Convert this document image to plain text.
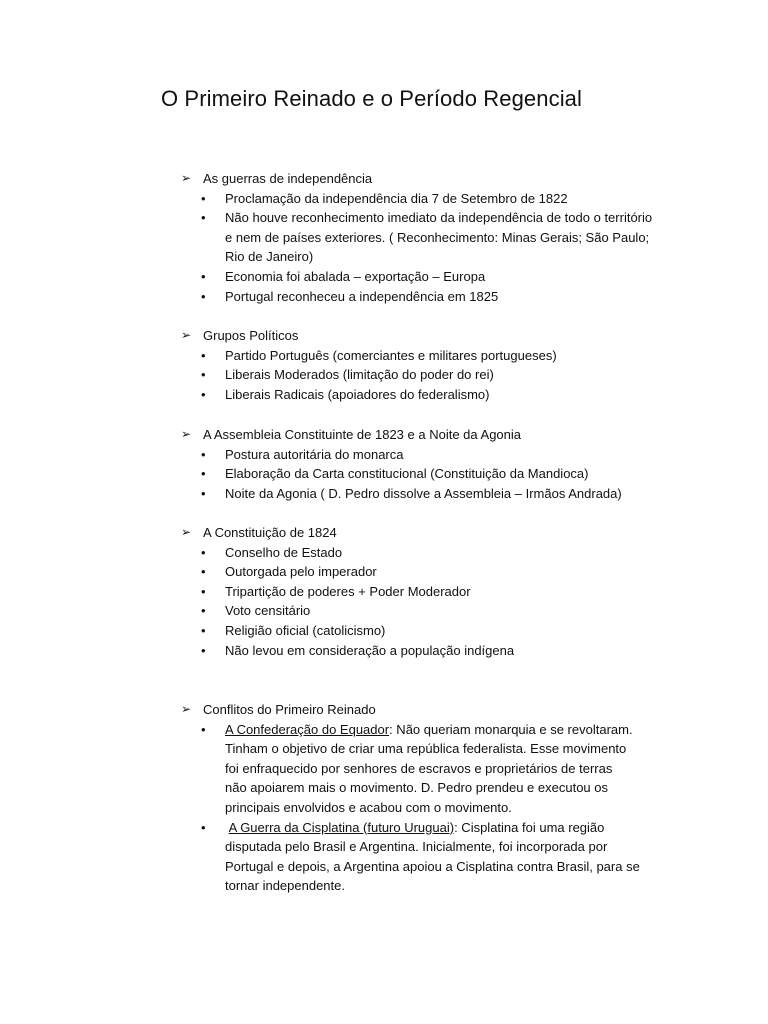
O Primeiro Reinado e o Período Regencial
➢ As guerras de independência
• Proclamação da independência dia 7 de Setembro de 1822
• Não houve reconhecimento imediato da independência de todo o território e nem de países exteriores. ( Reconhecimento: Minas Gerais; São Paulo; Rio de Janeiro)
• Economia foi abalada – exportação – Europa
• Portugal reconheceu a independência em 1825
➢ Grupos Políticos
• Partido Português (comerciantes e militares portugueses)
• Liberais Moderados (limitação do poder do rei)
• Liberais Radicais (apoiadores do federalismo)
➢ A Assembleia Constituinte de 1823 e a Noite da Agonia
• Postura autoritária do monarca
• Elaboração da Carta constitucional (Constituição da Mandioca)
• Noite da Agonia ( D. Pedro dissolve a Assembleia – Irmãos Andrada)
➢ A Constituição de 1824
• Conselho de Estado
• Outorgada pelo imperador
• Tripartição de poderes + Poder Moderador
• Voto censitário
• Religião oficial (catolicismo)
• Não levou em consideração a população indígena
➢ Conflitos do Primeiro Reinado
• A Confederação do Equador: Não queriam monarquia e se revoltaram. Tinham o objetivo de criar uma república federalista. Esse movimento foi enfraquecido por senhores de escravos e proprietários de terras não apoiarem mais o movimento. D. Pedro prendeu e executou os principais envolvidos e acabou com o movimento.
• A Guerra da Cisplatina (futuro Uruguai): Cisplatina foi uma região disputada pelo Brasil e Argentina. Inicialmente, foi incorporada por Portugal e depois, a Argentina apoiou a Cisplatina contra Brasil, para se tornar independente.
